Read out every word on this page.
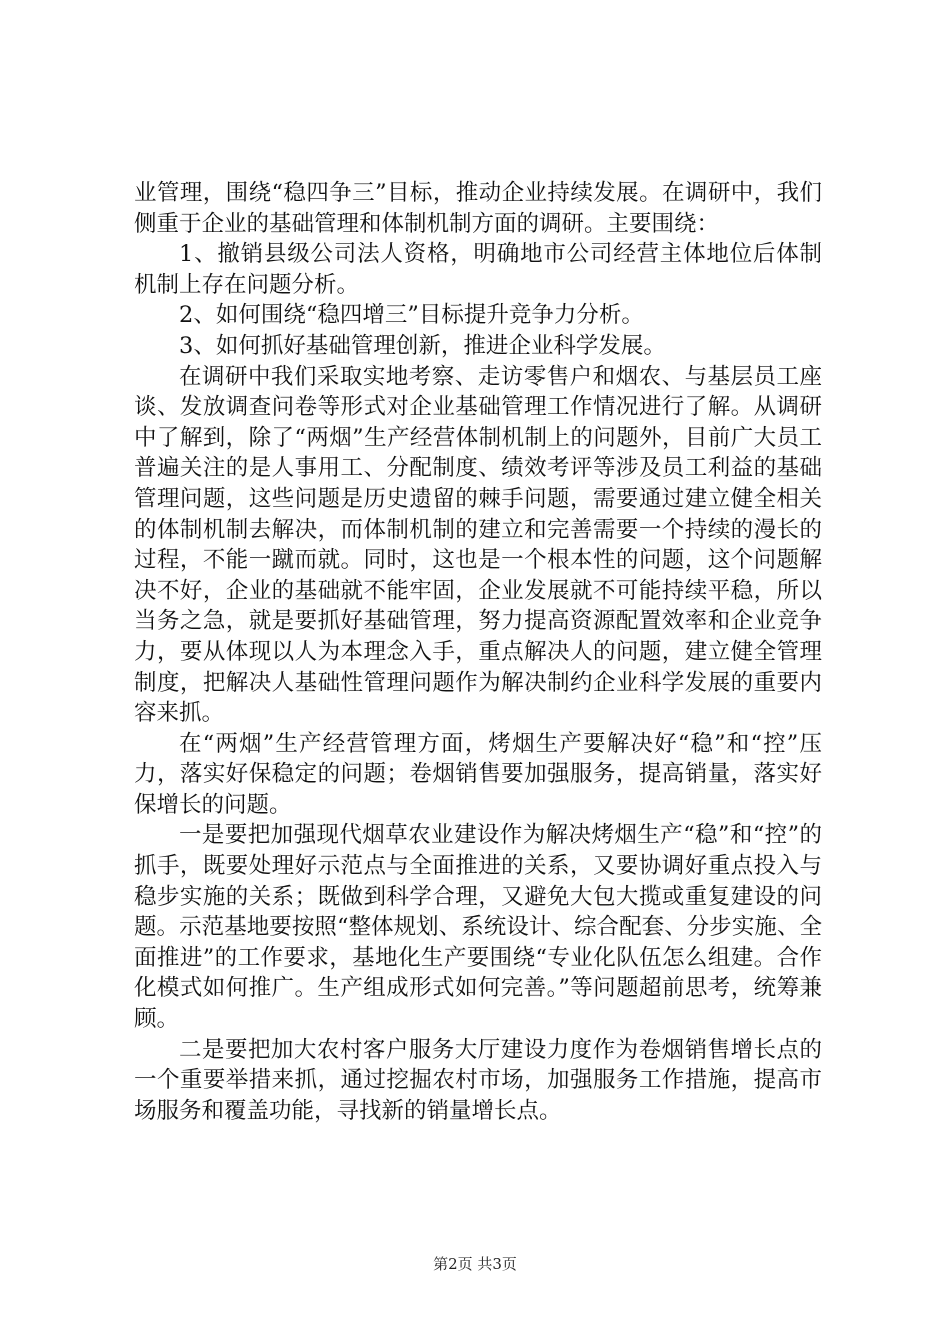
业管理，围绕“稳四争三”目标，推动企业持续发展。在调研中，我们侧重于企业的基础管理和体制机制方面的调研。主要围绕：

1、撤销县级公司法人资格，明确地市公司经营主体地位后体制机制上存在问题分析。

2、如何围绕“稳四增三”目标提升竞争力分析。

3、如何抓好基础管理创新，推进企业科学发展。

在调研中我们采取实地考察、走访零售户和烟农、与基层员工座谈、发放调查问卷等形式对企业基础管理工作情况进行了解。从调研中了解到，除了“两烟”生产经营体制机制上的问题外，目前广大员工普遍关注的是人事用工、分配制度、绩效考评等涉及员工利益的基础管理问题，这些问题是历史遗留的棘手问题，需要通过建立健全相关的体制机制去解决，而体制机制的建立和完善需要一个持续的漫长的过程，不能一蹴而就。同时，这也是一个根本性的问题，这个问题解决不好，企业的基础就不能牢固，企业发展就不可能持续平稳，所以当务之急，就是要抓好基础管理，努力提高资源配置效率和企业竞争力，要从体现以人为本理念入手，重点解决人的问题，建立健全管理制度，把解决人基础性管理问题作为解决制约企业科学发展的重要内容来抓。

在“两烟”生产经营管理方面，烤烟生产要解决好“稳”和“控”压力，落实好保稳定的问题；卷烟销售要加强服务，提高销量，落实好保增长的问题。

一是要把加强现代烟草农业建设作为解决烤烟生产“稳”和“控”的抓手，既要处理好示范点与全面推进的关系，又要协调好重点投入与稳步实施的关系；既做到科学合理，又避免大包大揽或重复建设的问题。示范基地要按照“整体规划、系统设计、综合配套、分步实施、全面推进”的工作要求，基地化生产要围绕“专业化队伍怎么组建。合作化模式如何推广。生产组成形式如何完善。”等问题超前思考，统筹兼顾。

二是要把加大农村客户服务大厅建设力度作为卷烟销售增长点的一个重要举措来抓，通过挖掘农村市场，加强服务工作措施，提高市场服务和覆盖功能，寻找新的销量增长点。

第2页 共3页
